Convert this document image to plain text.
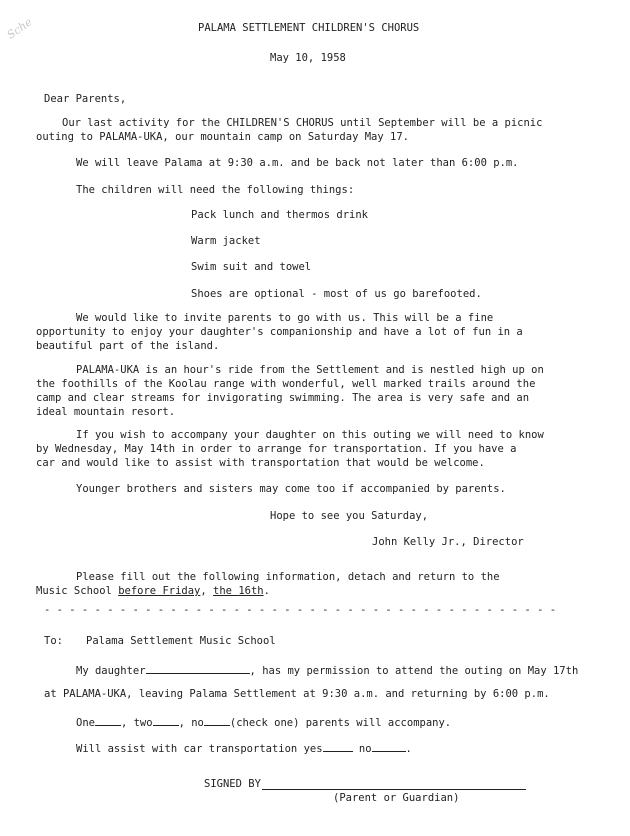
Sche	PALAMA SETTLEMENT CHILDREN'S CHORUS
May 10, 1958
Dear Parents,
Our last activity for the CHILDREN'S CHORUS until September will be a picnic
outing to PALAMA-UKA, our mountain camp on Saturday May 17.
We will leave Palama at 9:30 a.m. and be back not later than 6:00 p.m.
The children will need the following things:
Pack lunch and thermos drink
Warm jacket
Swim suit and towel
Shoes are optional - most of us go barefooted.
We would like to invite parents to go with us. This will be a fine
opportunity to enjoy your daughter's companionship and have a lot of fun in a
beautiful part of the island.
PALAMA-UKA is an hour's ride from the Settlement and is nestled high up on
the foothills of the Koolau range with wonderful, well marked trails around the
camp and clear streams for invigorating swimming. The area is very safe and an
ideal mountain resort.
If you wish to accompany your daughter on this outing we will need to know
by Wednesday, May 14th in order to arrange for transportation. If you have a
car and would like to assist with transportation that would be welcome.
Younger brothers and sisters may come too if accompanied by parents.
Hope to see you Saturday,
John Kelly Jr., Director
Please fill out the following information, detach and return to the
Music School before Friday, the 16th.
- - - - - - - - - - - - - - - - - - - - - - - - - - - - - - - - - - - - - - - - -
To: Palama Settlement Music School
My daughter	, has my permission to attend the outing on May 17th
at PALAMA-UKA, leaving Palama Settlement at 9:30 a.m. and returning by 6:00 p.m.
One , two , no (check one) parents will accompany.
Will assist with car transportation yes	no	.
SIGNED BY
(Parent or Guardian)
